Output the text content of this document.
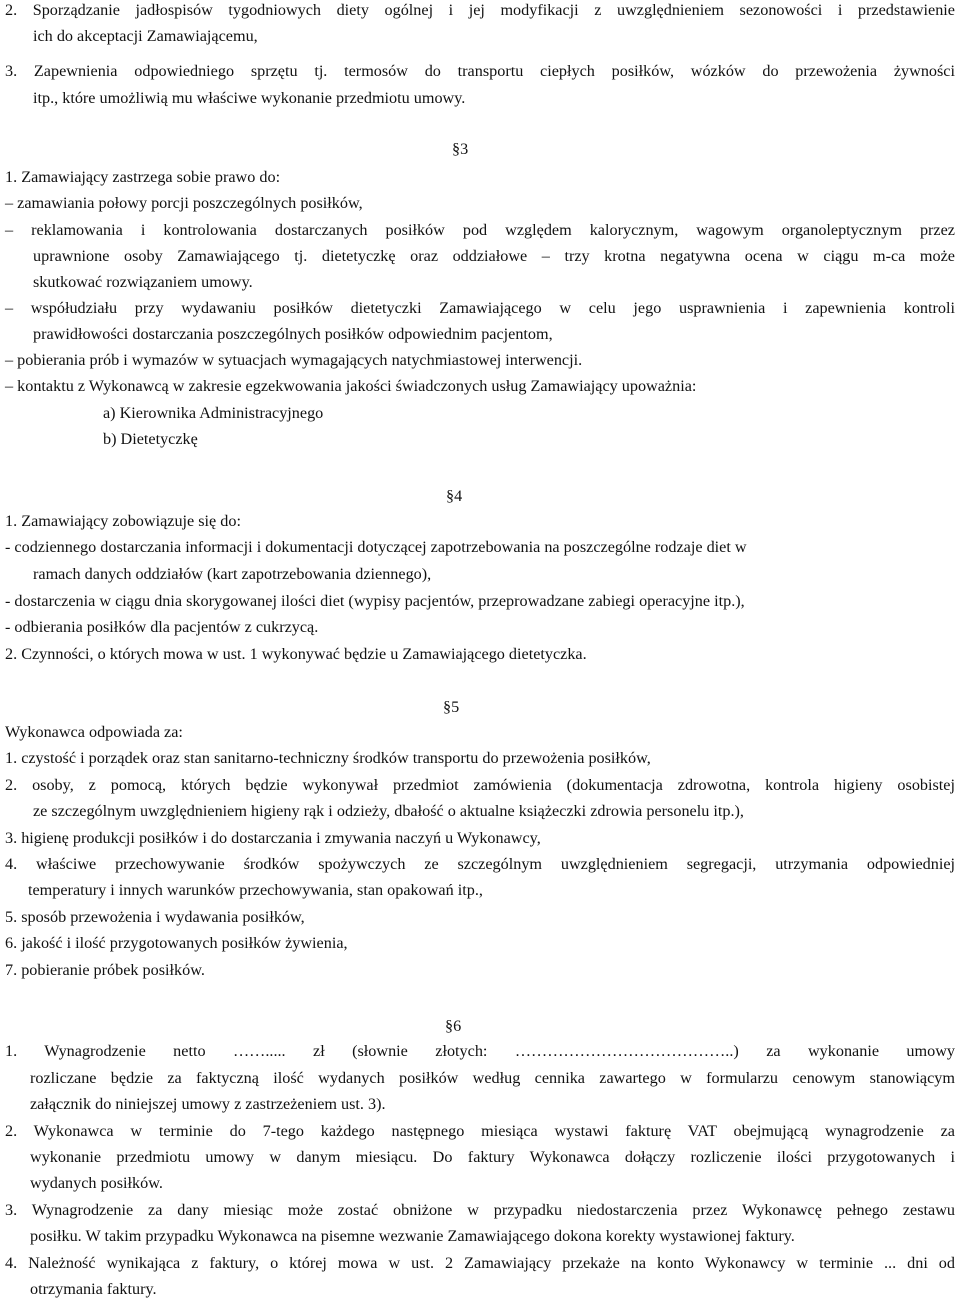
2. Sporządzanie jadłospisów tygodniowych diety ogólnej i jej modyfikacji z uwzględnieniem sezonowości i przedstawienie
ich do akceptacji Zamawiającemu,
3. Zapewnienia odpowiedniego sprzętu tj. termosów do transportu ciepłych posiłków, wózków do przewożenia żywności
itp., które umożliwią mu właściwe wykonanie przedmiotu umowy.
§3
1. Zamawiający zastrzega sobie prawo do:
– zamawiania połowy porcji poszczególnych posiłków,
– reklamowania i kontrolowania dostarczanych posiłków pod względem kalorycznym, wagowym organoleptycznym przez
uprawnione osoby Zamawiającego tj. dietetyczkę oraz oddziałowe – trzy krotna negatywna ocena w ciągu m-ca może
skutkować rozwiązaniem umowy.
– współudziału przy wydawaniu posiłków dietetyczki Zamawiającego w celu jego usprawnienia i zapewnienia kontroli
prawidłowości dostarczania poszczególnych posiłków odpowiednim pacjentom,
– pobierania prób i wymazów w sytuacjach wymagających natychmiastowej interwencji.
– kontaktu z Wykonawcą w zakresie egzekwowania jakości świadczonych usług Zamawiający upoważnia:
a) Kierownika Administracyjnego
b) Dietetyczkę
§4
1. Zamawiający zobowiązuje się do:
- codziennego dostarczania informacji i dokumentacji dotyczącej zapotrzebowania na poszczególne rodzaje diet w
ramach danych oddziałów (kart zapotrzebowania dziennego),
- dostarczenia w ciągu dnia skorygowanej ilości diet (wypisy pacjentów, przeprowadzane zabiegi operacyjne itp.),
- odbierania posiłków dla pacjentów z cukrzycą.
2. Czynności, o których mowa w ust. 1 wykonywać będzie u Zamawiającego dietetyczka.
§5
Wykonawca odpowiada za:
1. czystość i porządek oraz stan sanitarno-techniczny środków transportu do przewożenia posiłków,
2. osoby, z pomocą, których będzie wykonywał przedmiot zamówienia (dokumentacja zdrowotna, kontrola higieny osobistej
ze szczególnym uwzględnieniem higieny rąk i odzieży, dbałość o aktualne książeczki zdrowia personelu itp.),
3. higienę produkcji posiłków i do dostarczania i zmywania naczyń u Wykonawcy,
4. właściwe przechowywanie środków spożywczych ze szczególnym uwzględnieniem segregacji, utrzymania odpowiedniej
temperatury i innych warunków przechowywania, stan opakowań itp.,
5. sposób przewożenia i wydawania posiłków,
6. jakość i ilość przygotowanych posiłków żywienia,
7. pobieranie próbek posiłków.
§6
1. Wynagrodzenie netto ……..... zł (słownie złotych: …………………………………..) za wykonanie umowy
rozliczane będzie za faktyczną ilość wydanych posiłków według cennika zawartego w formularzu cenowym stanowiącym
załącznik do niniejszej umowy z zastrzeżeniem ust. 3).
2. Wykonawca w terminie do 7-tego każdego następnego miesiąca wystawi fakturę VAT obejmującą wynagrodzenie za
wykonanie przedmiotu umowy w danym miesiącu. Do faktury Wykonawca dołączy rozliczenie ilości przygotowanych i
wydanych posiłków.
3. Wynagrodzenie za dany miesiąc może zostać obniżone w przypadku niedostarczenia przez Wykonawcę pełnego zestawu
posiłku. W takim przypadku Wykonawca na pisemne wezwanie Zamawiającego dokona korekty wystawionej faktury.
4. Należność wynikająca z faktury, o której mowa w ust. 2 Zamawiający przekaże na konto Wykonawcy w terminie ... dni od
otrzymania faktury.
